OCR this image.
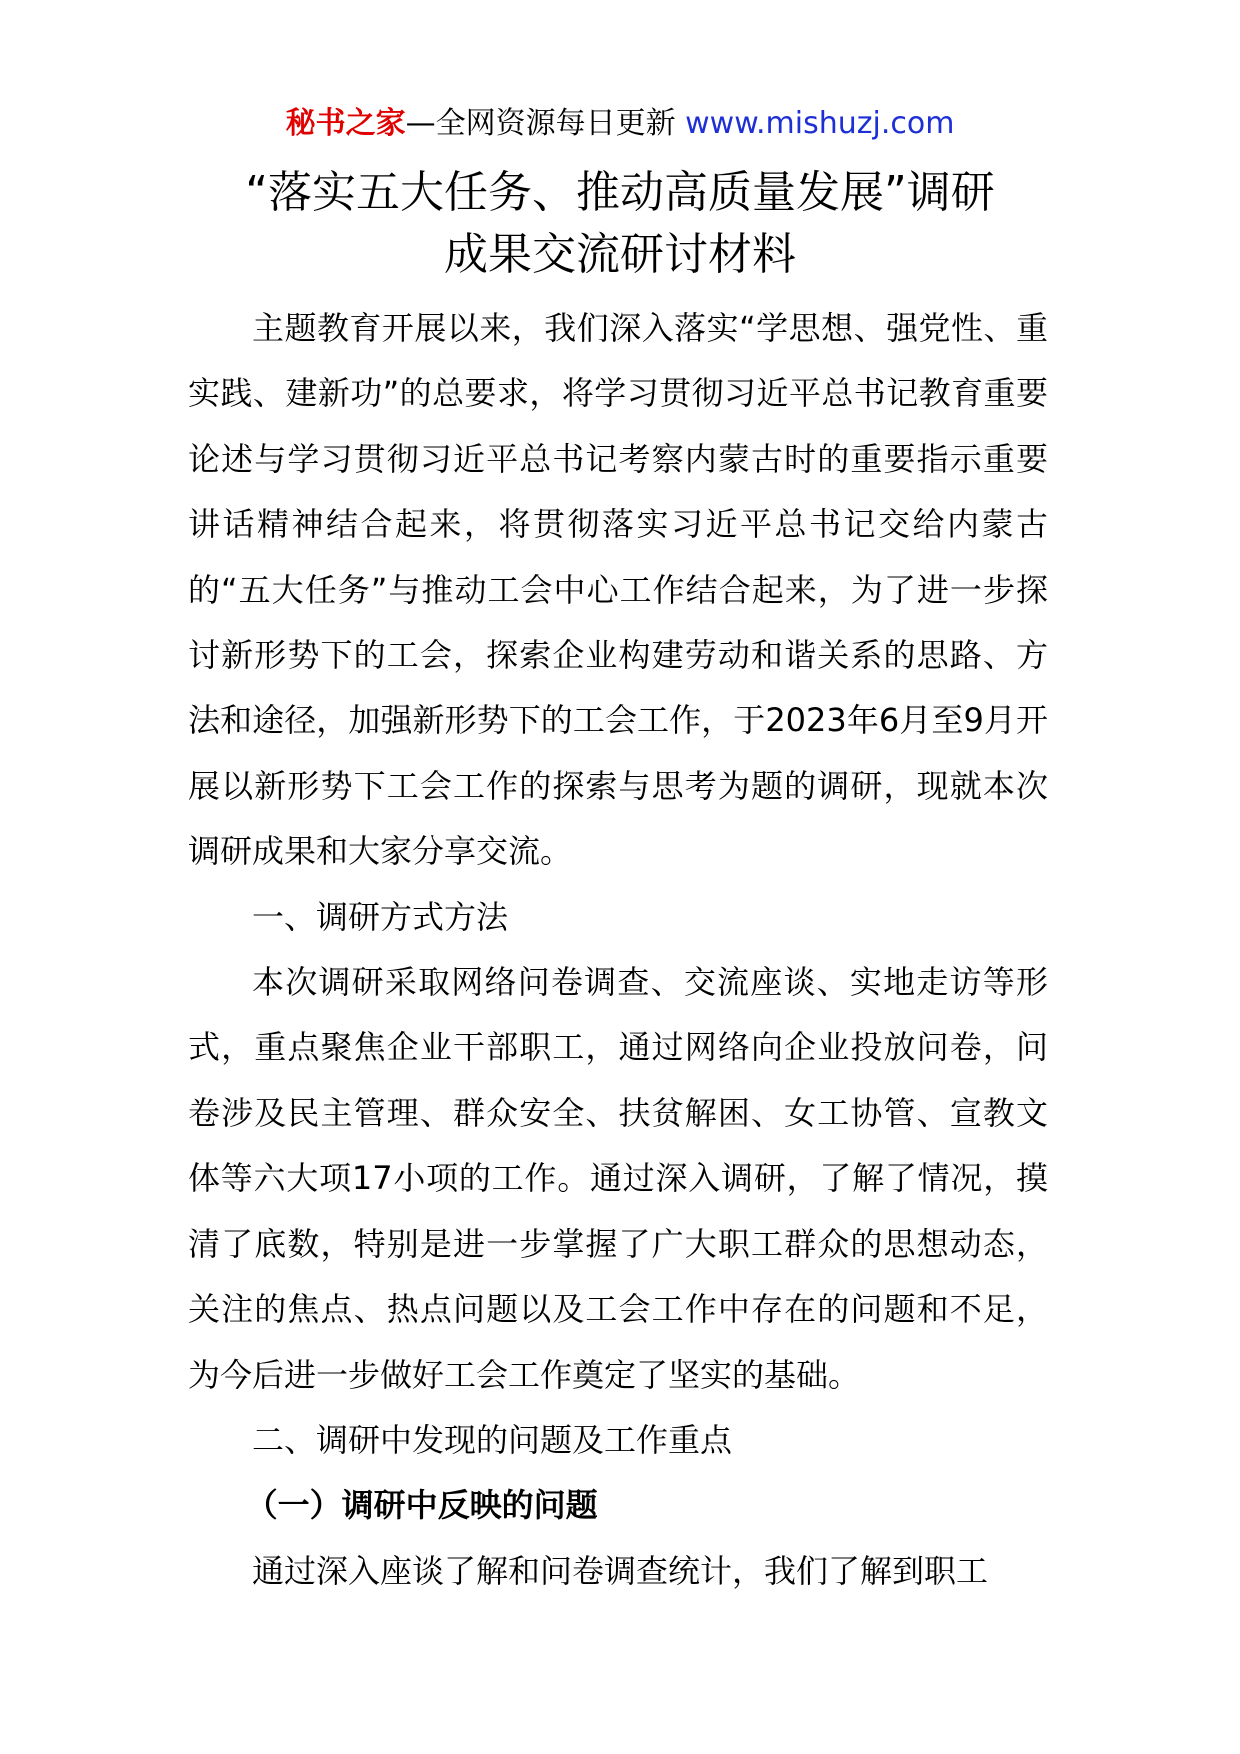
秘书之家—全网资源每日更新 www.mishuzj.com
“落实五大任务、推动高质量发展”调研
成果交流研讨材料

主题教育开展以来，我们深入落实“学思想、强党性、重实践、建新功”的总要求，将学习贯彻习近平总书记教育重要论述与学习贯彻习近平总书记考察内蒙古时的重要指示重要讲话精神结合起来，将贯彻落实习近平总书记交给内蒙古的“五大任务”与推动工会中心工作结合起来，为了进一步探讨新形势下的工会，探索企业构建劳动和谐关系的思路、方法和途径，加强新形势下的工会工作，于2023年6月至9月开展以新形势下工会工作的探索与思考为题的调研，现就本次调研成果和大家分享交流。

一、调研方式方法

本次调研采取网络问卷调查、交流座谈、实地走访等形式，重点聚焦企业干部职工，通过网络向企业投放问卷，问卷涉及民主管理、群众安全、扶贫解困、女工协管、宣教文体等六大项17小项的工作。通过深入调研，了解了情况，摸清了底数，特别是进一步掌握了广大职工群众的思想动态，关注的焦点、热点问题以及工会工作中存在的问题和不足，为今后进一步做好工会工作奠定了坚实的基础。

二、调研中发现的问题及工作重点

（一）调研中反映的问题

通过深入座谈了解和问卷调查统计，我们了解到职工
